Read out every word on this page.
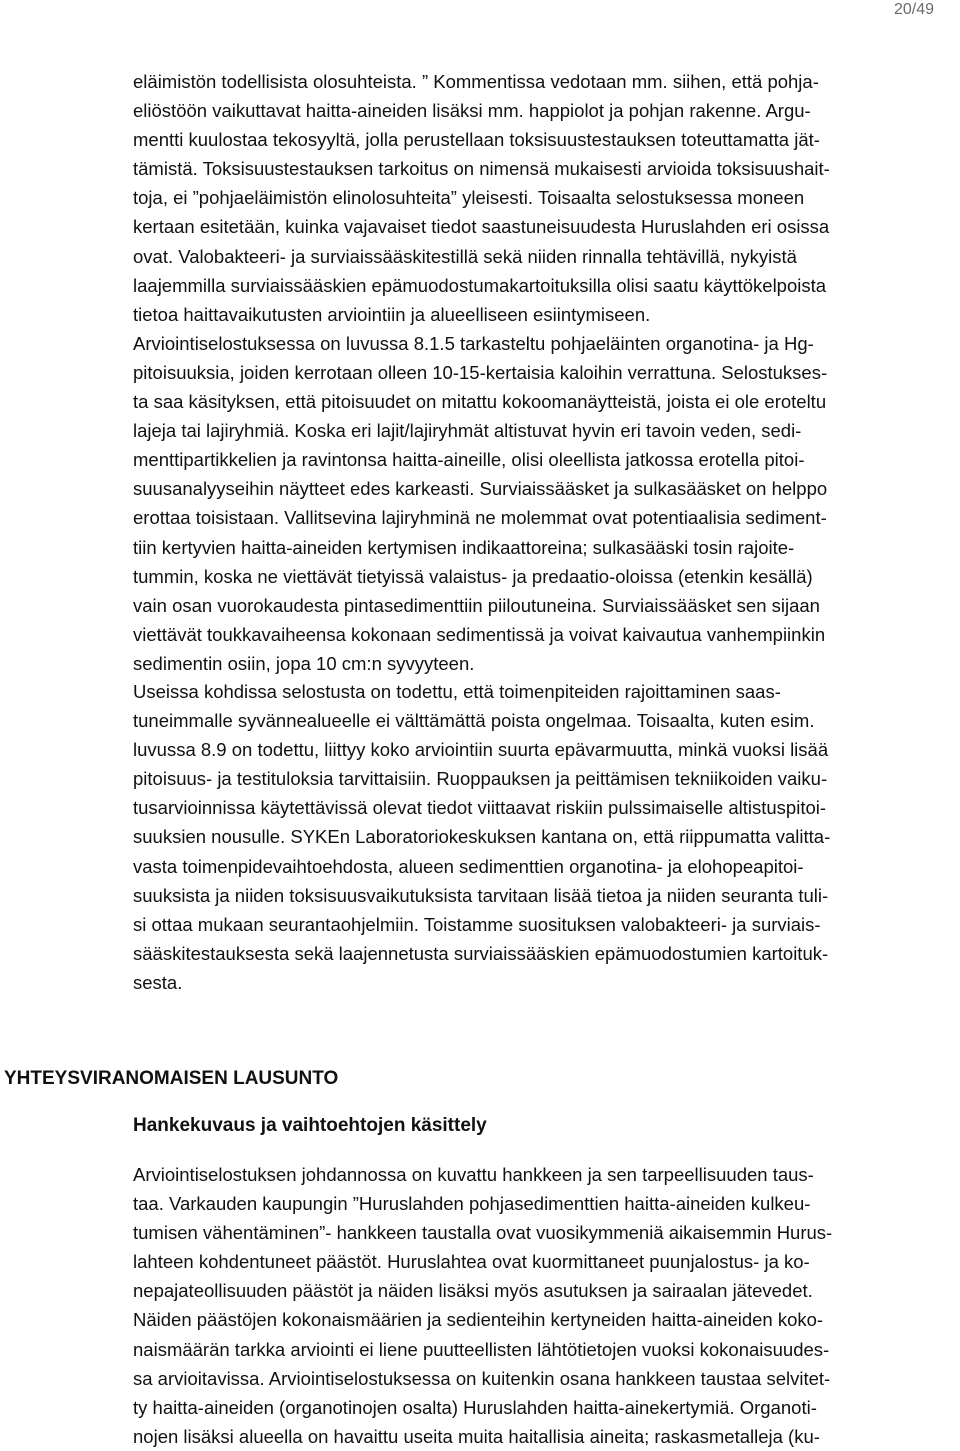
20/49

eläimistön todellisista olosuhteista. ” Kommentissa vedotaan mm. siihen, että pohja-
eliöstöön vaikuttavat haitta-aineiden lisäksi mm. happiolot ja pohjan rakenne. Argu-
mentti kuulostaa tekosyyltä, jolla perustellaan toksisuustestauksen toteuttamatta jät-
tämistä. Toksisuustestauksen tarkoitus on nimensä mukaisesti arvioida toksisuushait-
toja, ei ”pohjaeläimistön elinolosuhteita” yleisesti. Toisaalta selostuksessa moneen
kertaan esitetään, kuinka vajavaiset tiedot saastuneisuudesta Huruslahden eri osissa
ovat. Valobakteeri- ja surviaissääskitestillä sekä niiden rinnalla tehtävillä, nykyistä
laajemmilla surviaissääskien epämuodostumakartoituksilla olisi saatu käyttökelpoista
tietoa haittavaikutusten arviointiin ja alueelliseen esiintymiseen.
Arviointiselostuksessa on luvussa 8.1.5 tarkasteltu pohjaeläinten organotina- ja Hg-
pitoisuuksia, joiden kerrotaan olleen 10-15-kertaisia kaloihin verrattuna. Selostukses-
ta saa käsityksen, että pitoisuudet on mitattu kokoomanäytteistä, joista ei ole eroteltu
lajeja tai lajiryhmiä. Koska eri lajit/lajiryhmät altistuvat hyvin eri tavoin veden, sedi-
menttipartikkelien ja ravintonsa haitta-aineille, olisi oleellista jatkossa erotella pitoi-
suusanalyyseihin näytteet edes karkeasti. Surviaissääsket ja sulkasääsket on helppo
erottaa toisistaan. Vallitsevina lajiryhminä ne molemmat ovat potentiaalisia sediment-
tiin kertyvien haitta-aineiden kertymisen indikaattoreina; sulkasääski tosin rajoite-
tummin, koska ne viettävät tietyissä valaistus- ja predaatio-oloissa (etenkin kesällä)
vain osan vuorokaudesta pintasedimenttiin piiloutuneina. Surviaissääsket sen sijaan
viettävät toukkavaiheensa kokonaan sedimentissä ja voivat kaivautua vanhempiinkin
sedimentin osiin, jopa 10 cm:n syvyyteen.

Useissa kohdissa selostusta on todettu, että toimenpiteiden rajoittaminen saas-
tuneimmalle syvännealueelle ei välttämättä poista ongelmaa. Toisaalta, kuten esim.
luvussa 8.9 on todettu, liittyy koko arviointiin suurta epävarmuutta, minkä vuoksi lisää
pitoisuus- ja testituloksia tarvittaisiin. Ruoppauksen ja peittämisen tekniikoiden vaiku-
tusarvioinnissa käytettävissä olevat tiedot viittaavat riskiin pulssimaiselle altistuspitoi-
suuksien nousulle. SYKEn Laboratoriokeskuksen kantana on, että riippumatta valitta-
vasta toimenpidevaihtoehdosta, alueen sedimenttien organotina- ja elohopeapitoi-
suuksista ja niiden toksisuusvaikutuksista tarvitaan lisää tietoa ja niiden seuranta tuli-
si ottaa mukaan seurantaohjelmiin. Toistamme suosituksen valobakteeri- ja surviais-
sääskitestauksesta sekä laajennetusta surviaissääskien epämuodostumien kartoituk-
sesta.

YHTEYSVIRANOMAISEN LAUSUNTO
Hankekuvaus ja vaihtoehtojen käsittely

Arviointiselostuksen johdannossa on kuvattu hankkeen ja sen tarpeellisuuden taus-
taa. Varkauden kaupungin ”Huruslahden pohjasedimenttien haitta-aineiden kulkeu-
tumisen vähentäminen”- hankkeen taustalla ovat vuosikymmeniä aikaisemmin Hurus-
lahteen kohdentuneet päästöt. Huruslahtea ovat kuormittaneet puunjalostus- ja ko-
nepajateollisuuden päästöt ja näiden lisäksi myös asutuksen ja sairaalan jätevedet.
Näiden päästöjen kokonaismäärien ja sedienteihin kertyneiden haitta-aineiden koko-
naismäärän tarkka arviointi ei liene puutteellisten lähtötietojen vuoksi kokonaisuudes-
sa arvioitavissa. Arviointiselostuksessa on kuitenkin osana hankkeen taustaa selvitet-
ty haitta-aineiden (organotinojen osalta) Huruslahden haitta-ainekertymiä. Organoti-
nojen lisäksi alueella on havaittu useita muita haitallisia aineita; raskasmetalleja (ku-
